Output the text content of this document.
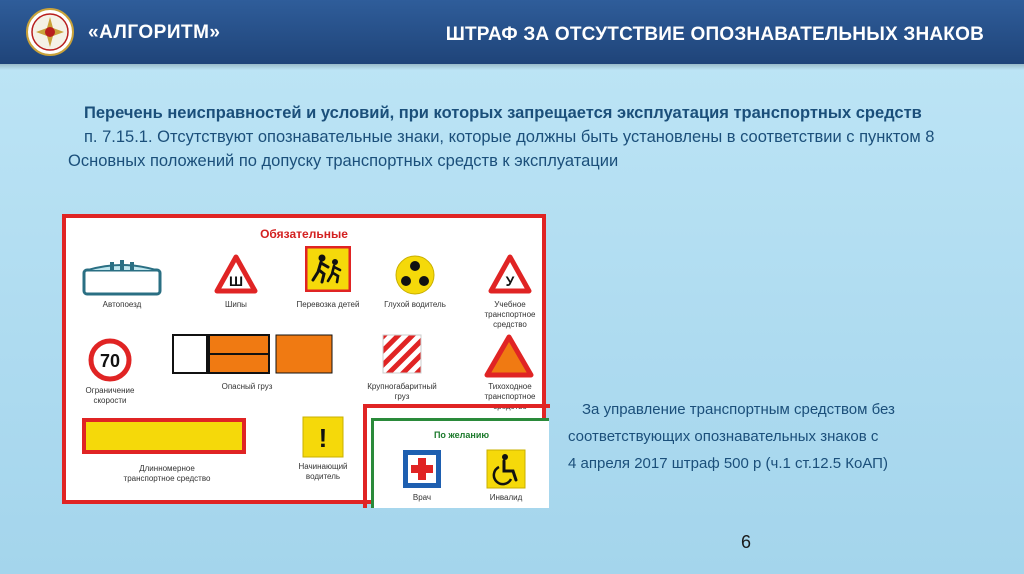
«АЛГОРИТМ»	ШТРАФ ЗА ОТСУТСТВИЕ ОПОЗНАВАТЕЛЬНЫХ ЗНАКОВ
Перечень неисправностей и условий, при которых запрещается эксплуатация транспортных средств
п. 7.15.1. Отсутствуют опознавательные знаки, которые должны быть установлены в соответствии с пунктом 8 Основных положений по допуску транспортных средств к эксплуатации
Обязательные
Автопоезд
Ш
Шипы	Перевозка детей	Глухой водитель
У
Учебное транспортное средство
70
Ограничение скорости
Опасный груз	Крупногабаритный груз
Тихоходное транспортное
Длинномерное транспортное средство
!
Начинающий водитель
По желанию
Врач	Инвалид
За управление транспортным средством без
соответствующих опознавательных знаков с
4 апреля 2017 штраф 500 р (ч.1 ст.12.5 КоАП)
6
